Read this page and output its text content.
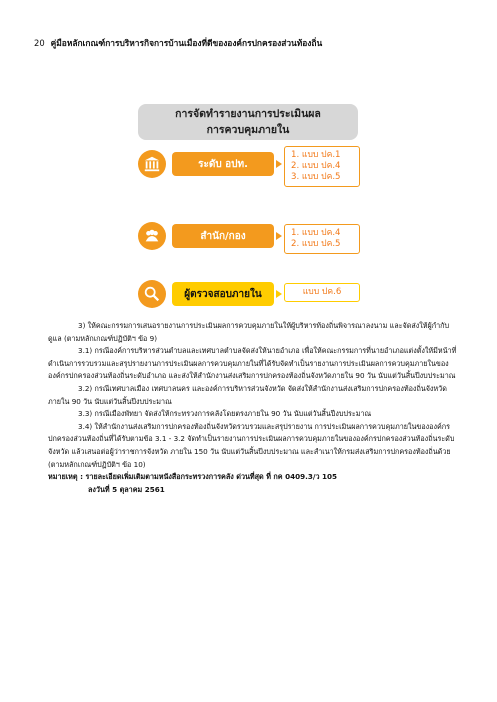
20 คู่มือหลักเกณฑ์การบริหารกิจการบ้านเมืองที่ดีขององค์กรปกครองส่วนท้องถิ่น
การจัดทำรายงานการประเมินผล
การควบคุมภายใน
ระดับ อปท.
1. แบบ ปค.1
2. แบบ ปค.4
3. แบบ ปค.5
สำนัก/กอง	1. แบบ ปค.4
2. แบบ ปค.5
ผู้ตรวจสอบภายใน	แบบ ปค.6

3) ให้คณะกรรมการเสนอรายงานการประเมินผลการควบคุมภายในให้ผู้บริหารท้องถิ่นพิจารณาลงนาม และจัดส่งให้ผู้กำกับดูแล (ตามหลักเกณฑ์ปฏิบัติฯ ข้อ 9)

3.1) กรณีองค์การบริหารส่วนตำบลและเทศบาลตำบลจัดส่งให้นายอำเภอ เพื่อให้คณะกรรมการที่นายอำเภอแต่งตั้งให้มีหน้าที่ดำเนินการรวบรวมและสรุปรายงานการประเมินผลการควบคุมภายในที่ได้รับจัดทำเป็นรายงานการประเมินผลการควบคุมภายในขององค์กรปกครองส่วนท้องถิ่นระดับอำเภอ และส่งให้สำนักงานส่งเสริมการปกครองท้องถิ่นจังหวัดภายใน 90 วัน นับแต่วันสิ้นปีงบประมาณ

3.2) กรณีเทศบาลเมือง เทศบาลนคร และองค์การบริหารส่วนจังหวัด จัดส่งให้สำนักงานส่งเสริมการปกครองท้องถิ่นจังหวัดภายใน 90 วัน นับแต่วันสิ้นปีงบประมาณ

3.3) กรณีเมืองพัทยา จัดส่งให้กระทรวงการคลังโดยตรงภายใน 90 วัน นับแต่วันสิ้นปีงบประมาณ

3.4) ให้สำนักงานส่งเสริมการปกครองท้องถิ่นจังหวัดรวบรวมและสรุปรายงาน การประเมินผลการควบคุมภายในขององค์กรปกครองส่วนท้องถิ่นที่ได้รับตามข้อ 3.1 - 3.2 จัดทำเป็นรายงานการประเมินผลการควบคุมภายในขององค์กรปกครองส่วนท้องถิ่นระดับจังหวัด แล้วเสนอต่อผู้ว่าราชการจังหวัด ภายใน 150 วัน นับแต่วันสิ้นปีงบประมาณ และสำเนาให้กรมส่งเสริมการปกครองท้องถิ่นด้วย (ตามหลักเกณฑ์ปฏิบัติฯ ข้อ 10)

หมายเหตุ : รายละเอียดเพิ่มเติมตามหนังสือกระทรวงการคลัง ด่วนที่สุด ที่ กค 0409.3/ว 105

ลงวันที่ 5 ตุลาคม 2561
